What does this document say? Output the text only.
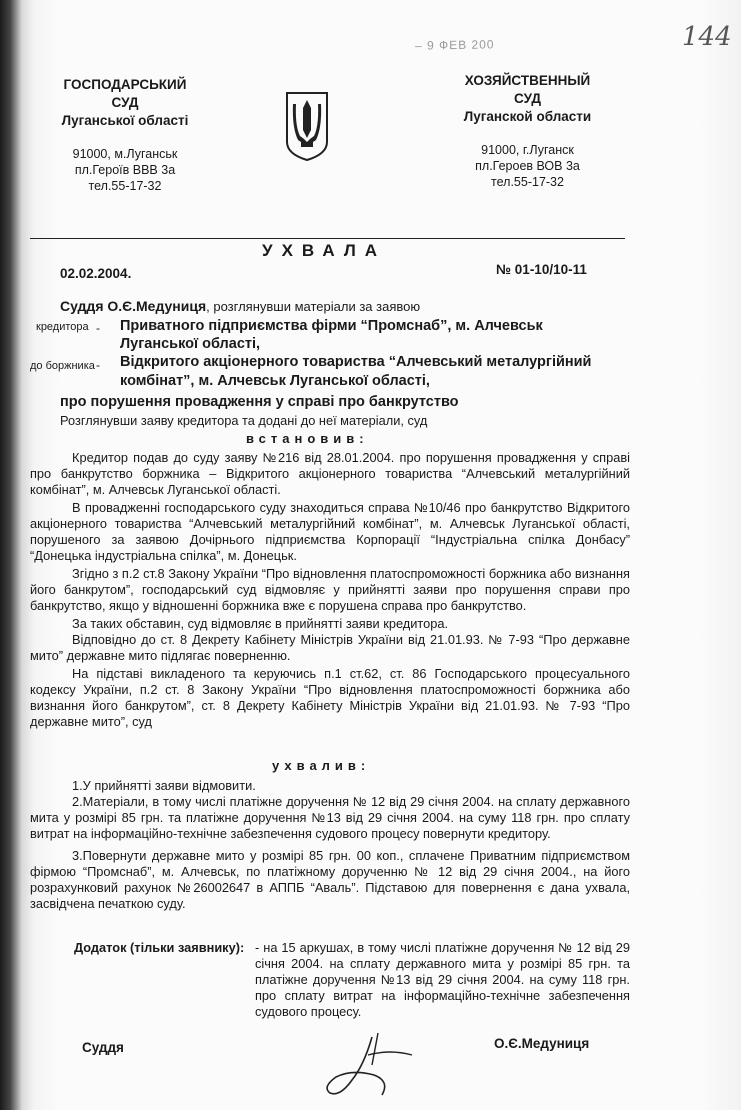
– 9 ФЕВ 200	144
ГОСПОДАРСЬКИЙ
СУД
Луганської області
91000, м.Луганськ
пл.Героїв ВВВ 3а
тел.55-17-32
ХОЗЯЙСТВЕННЫЙ
СУД
Луганской области
91000, г.Луганск
пл.Героев ВОВ 3а
тел.55-17-32
УХВАЛА
02.02.2004.	№ 01-10/10-11
Суддя О.Є.Медуниця, розглянувши матеріали за заявою
кредитора - Приватного підприємства фірми “Промснаб”, м. Алчевськ
Луганської області,
до боржника - Відкритого акціонерного товариства “Алчевський металургійний
комбінат”, м. Алчевськ Луганської області,
про порушення провадження у справі про банкрутство
Розглянувши заяву кредитора та додані до неї матеріали, суд
встановив:

Кредитор подав до суду заяву №216 від 28.01.2004. про порушення провадження у справі про банкрутство боржника – Відкритого акціонерного товариства “Алчевський металургійний комбінат”, м. Алчевськ Луганської області.

В провадженні господарського суду знаходиться справа №10/46 про банкрутство Відкритого акціонерного товариства “Алчевський металургійний комбінат”, м. Алчевськ Луганської області, порушеного за заявою Дочірнього підприємства Корпорації “Індустріальна спілка Донбасу” “Донецька індустріальна спілка”, м. Донецьк.

Згідно з п.2 ст.8 Закону України “Про відновлення платоспроможності боржника або визнання його банкрутом”, господарський суд відмовляє у прийнятті заяви про порушення справи про банкрутство, якщо у відношенні боржника вже є порушена справа про банкрутство.

За таких обставин, суд відмовляє в прийнятті заяви кредитора.

Відповідно до ст. 8 Декрету Кабінету Міністрів України від 21.01.93. № 7-93 “Про державне мито” державне мито підлягає поверненню.

На підставі викладеного та керуючись п.1 ст.62, ст. 86 Господарського процесуального кодексу України, п.2 ст. 8 Закону України “Про відновлення платоспроможності боржника або визнання його банкрутом”, ст. 8 Декрету Кабінету Міністрів України від 21.01.93. № 7-93 “Про державне мито”, суд

ухвалив:

1.У прийнятті заяви відмовити.

2.Матеріали, в тому числі платіжне доручення № 12 від 29 січня 2004. на сплату державного мита у розмірі 85 грн. та платіжне доручення №13 від 29 січня 2004. на суму 118 грн. про сплату витрат на інформаційно-технічне забезпечення судового процесу повернути кредитору.

3.Повернути державне мито у розмірі 85 грн. 00 коп., сплачене Приватним підприємством фірмою “Промснаб”, м. Алчевськ, по платіжному дорученню № 12 від 29 січня 2004., на його розрахунковий рахунок №26002647 в АППБ “Аваль”. Підставою для повернення є дана ухвала, засвідчена печаткою суду.

Додаток (тільки заявнику): - на 15 аркушах, в тому числі платіжне доручення № 12 від 29 січня 2004. на сплату державного мита у розмірі 85 грн. та платіжне доручення №13 від 29 січня 2004. на суму 118 грн. про сплату витрат на інформаційно-технічне забезпечення судового процесу.
Суддя	О.Є.Медуниця
